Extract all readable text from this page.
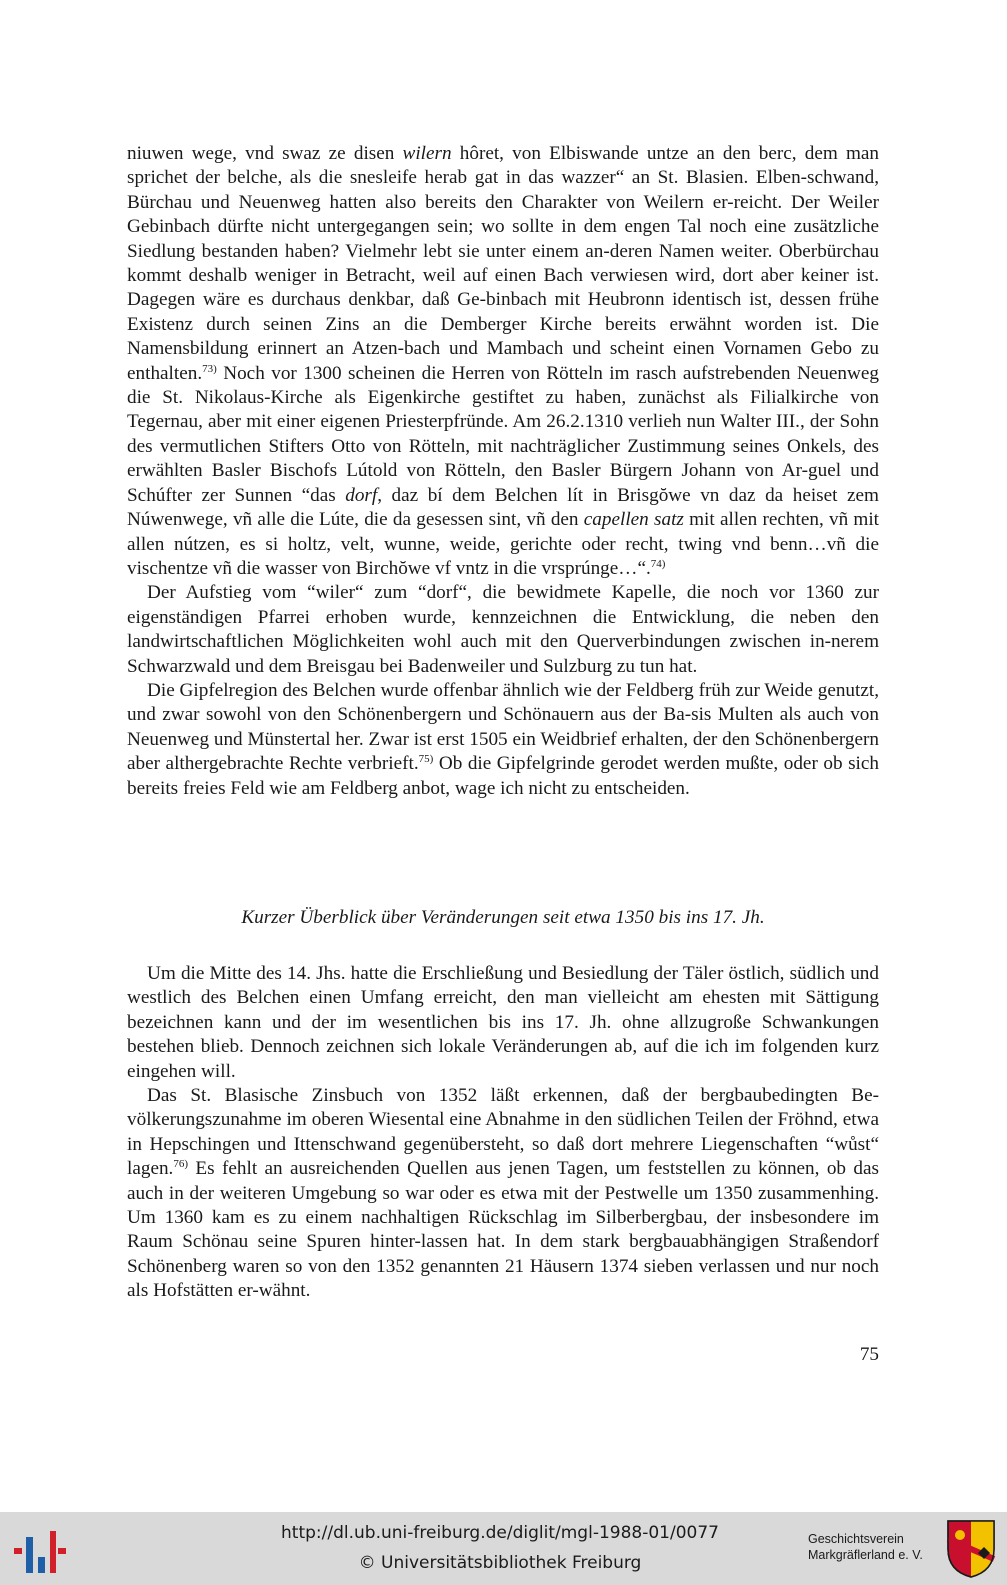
niuwen wege, vnd swaz ze disen wilern hôret, von Elbiswande untze an den berc, dem man sprichet der belche, als die snesleife herab gat in das wazzer“ an St. Blasien. Elben-schwand, Bürchau und Neuenweg hatten also bereits den Charakter von Weilern er-reicht. Der Weiler Gebinbach dürfte nicht untergegangen sein; wo sollte in dem engen Tal noch eine zusätzliche Siedlung bestanden haben? Vielmehr lebt sie unter einem an-deren Namen weiter. Oberbürchau kommt deshalb weniger in Betracht, weil auf einen Bach verwiesen wird, dort aber keiner ist. Dagegen wäre es durchaus denkbar, daß Ge-binbach mit Heubronn identisch ist, dessen frühe Existenz durch seinen Zins an die Demberger Kirche bereits erwähnt worden ist. Die Namensbildung erinnert an Atzen-bach und Mambach und scheint einen Vornamen Gebo zu enthalten.$^{73)}$ Noch vor 1300 scheinen die Herren von Rötteln im rasch aufstrebenden Neuenweg die St. Nikolaus-Kirche als Eigenkirche gestiftet zu haben, zunächst als Filialkirche von Tegernau, aber mit einer eigenen Priesterpfründe. Am 26.2.1310 verlieh nun Walter III., der Sohn des vermutlichen Stifters Otto von Rötteln, mit nachträglicher Zustimmung seines Onkels, des erwählten Basler Bischofs Lútold von Rötteln, den Basler Bürgern Johann von Ar-guel und Schúfter zer Sunnen “das dorf, daz bí dem Belchen lít in Brisgŏwe vn daz da heiset zem Núwenwege, vñ alle die Lúte, die da gesessen sint, vñ den capellen satz mit allen rechten, vñ mit allen nútzen, es si holtz, velt, wunne, weide, gerichte oder recht, twing vnd benn…vñ die vischentze vñ die wasser von Birchŏwe vf vntz in die vrsprúnge…“.$^{74)}$

Der Aufstieg vom “wiler“ zum “dorf“, die bewidmete Kapelle, die noch vor 1360 zur eigenständigen Pfarrei erhoben wurde, kennzeichnen die Entwicklung, die neben den landwirtschaftlichen Möglichkeiten wohl auch mit den Querverbindungen zwischen in-nerem Schwarzwald und dem Breisgau bei Badenweiler und Sulzburg zu tun hat.

Die Gipfelregion des Belchen wurde offenbar ähnlich wie der Feldberg früh zur Weide genutzt, und zwar sowohl von den Schönenbergern und Schönauern aus der Ba-sis Multen als auch von Neuenweg und Münstertal her. Zwar ist erst 1505 ein Weidbrief erhalten, der den Schönenbergern aber althergebrachte Rechte verbrieft.$^{75)}$ Ob die Gipfelgrinde gerodet werden mußte, oder ob sich bereits freies Feld wie am Feldberg anbot, wage ich nicht zu entscheiden.

Kurzer Überblick über Veränderungen seit etwa 1350 bis ins 17. Jh.

Um die Mitte des 14. Jhs. hatte die Erschließung und Besiedlung der Täler östlich, südlich und westlich des Belchen einen Umfang erreicht, den man vielleicht am ehesten mit Sättigung bezeichnen kann und der im wesentlichen bis ins 17. Jh. ohne allzugroße Schwankungen bestehen blieb. Dennoch zeichnen sich lokale Veränderungen ab, auf die ich im folgenden kurz eingehen will.

Das St. Blasische Zinsbuch von 1352 läßt erkennen, daß der bergbaubedingten Be-völkerungszunahme im oberen Wiesental eine Abnahme in den südlichen Teilen der Fröhnd, etwa in Hepschingen und Ittenschwand gegenübersteht, so daß dort mehrere Liegenschaften “wůst“ lagen.$^{76)}$ Es fehlt an ausreichenden Quellen aus jenen Tagen, um feststellen zu können, ob das auch in der weiteren Umgebung so war oder es etwa mit der Pestwelle um 1350 zusammenhing. Um 1360 kam es zu einem nachhaltigen Rückschlag im Silberbergbau, der insbesondere im Raum Schönau seine Spuren hinter-lassen hat. In dem stark bergbauabhängigen Straßendorf Schönenberg waren so von den 1352 genannten 21 Häusern 1374 sieben verlassen und nur noch als Hofstätten er-wähnt.

75
http://dl.ub.uni-freiburg.de/diglit/mgl-1988-01/0077
© Universitätsbibliothek Freiburg
Geschichtsverein
Markgräflerland e. V.
